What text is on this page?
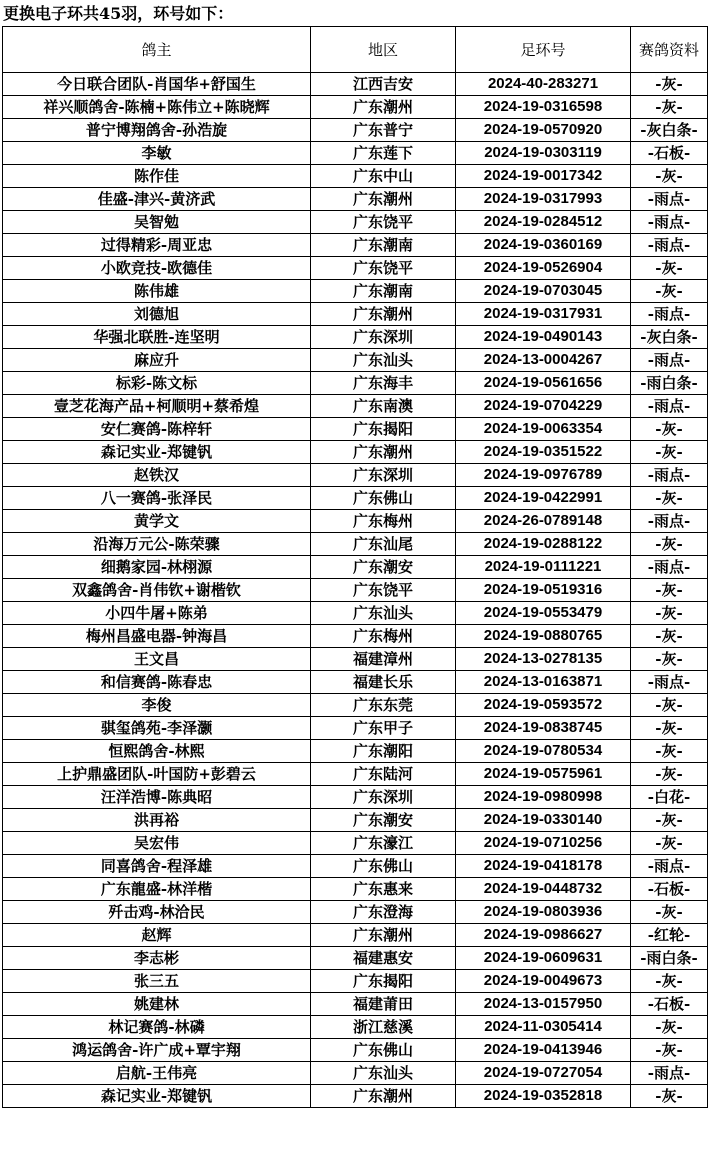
更换电子环共45羽，环号如下：
鸽主	地区	足环号	赛鸽资料
今日联合团队-肖国华+舒国生	江西吉安	2024-40-283271	-灰-
祥兴顺鸽舍-陈楠+陈伟立+陈晓辉	广东潮州	2024-19-0316598	-灰-
普宁博翔鸽舍-孙浩旋	广东普宁	2024-19-0570920	-灰白条-
李敏	广东莲下	2024-19-0303119	-石板-
陈作佳	广东中山	2024-19-0017342	-灰-
佳盛-津兴-黄济武	广东潮州	2024-19-0317993	-雨点-
吴智勉	广东饶平	2024-19-0284512	-雨点-
过得精彩-周亚忠	广东潮南	2024-19-0360169	-雨点-
小欧竞技-欧德佳	广东饶平	2024-19-0526904	-灰-
陈伟雄	广东潮南	2024-19-0703045	-灰-
刘德旭	广东潮州	2024-19-0317931	-雨点-
华强北联胜-连坚明	广东深圳	2024-19-0490143	-灰白条-
麻应升	广东汕头	2024-13-0004267	-雨点-
标彩-陈文标	广东海丰	2024-19-0561656	-雨白条-
壹芝花海产品+柯顺明+蔡希煌	广东南澳	2024-19-0704229	-雨点-
安仁赛鸽-陈梓轩	广东揭阳	2024-19-0063354	-灰-
森记实业-郑键钒	广东潮州	2024-19-0351522	-灰-
赵铁汉	广东深圳	2024-19-0976789	-雨点-
八一赛鸽-张泽民	广东佛山	2024-19-0422991	-灰-
黄学文	广东梅州	2024-26-0789148	-雨点-
沿海万元公-陈荣骤	广东汕尾	2024-19-0288122	-灰-
细鹅家园-林栩源	广东潮安	2024-19-0111221	-雨点-
双鑫鸽舍-肖伟钦+谢楷钦	广东饶平	2024-19-0519316	-灰-
小四牛屠+陈弟	广东汕头	2024-19-0553479	-灰-
梅州昌盛电器-钟海昌	广东梅州	2024-19-0880765	-灰-
王文昌	福建漳州	2024-13-0278135	-灰-
和信赛鸽-陈春忠	福建长乐	2024-13-0163871	-雨点-
李俊	广东东莞	2024-19-0593572	-灰-
骐玺鸽苑-李泽灏	广东甲子	2024-19-0838745	-灰-
恒熙鸽舍-林熙	广东潮阳	2024-19-0780534	-灰-
上护鼎盛团队-叶国防+彭碧云	广东陆河	2024-19-0575961	-灰-
汪洋浩博-陈典昭	广东深圳	2024-19-0980998	-白花-
洪再裕	广东潮安	2024-19-0330140	-灰-
吴宏伟	广东濠江	2024-19-0710256	-灰-
同喜鸽舍-程泽雄	广东佛山	2024-19-0418178	-雨点-
广东龍盛-林洋楷	广东惠来	2024-19-0448732	-石板-
歼击鸡-林洽民	广东澄海	2024-19-0803936	-灰-
赵辉	广东潮州	2024-19-0986627	-红轮-
李志彬	福建惠安	2024-19-0609631	-雨白条-
张三五	广东揭阳	2024-19-0049673	-灰-
姚建林	福建莆田	2024-13-0157950	-石板-
林记赛鸽-林磷	浙江慈溪	2024-11-0305414	-灰-
鸿运鸽舍-许广成+覃宇翔	广东佛山	2024-19-0413946	-灰-
启航-王伟亮	广东汕头	2024-19-0727054	-雨点-
森记实业-郑键钒	广东潮州	2024-19-0352818	-灰-
